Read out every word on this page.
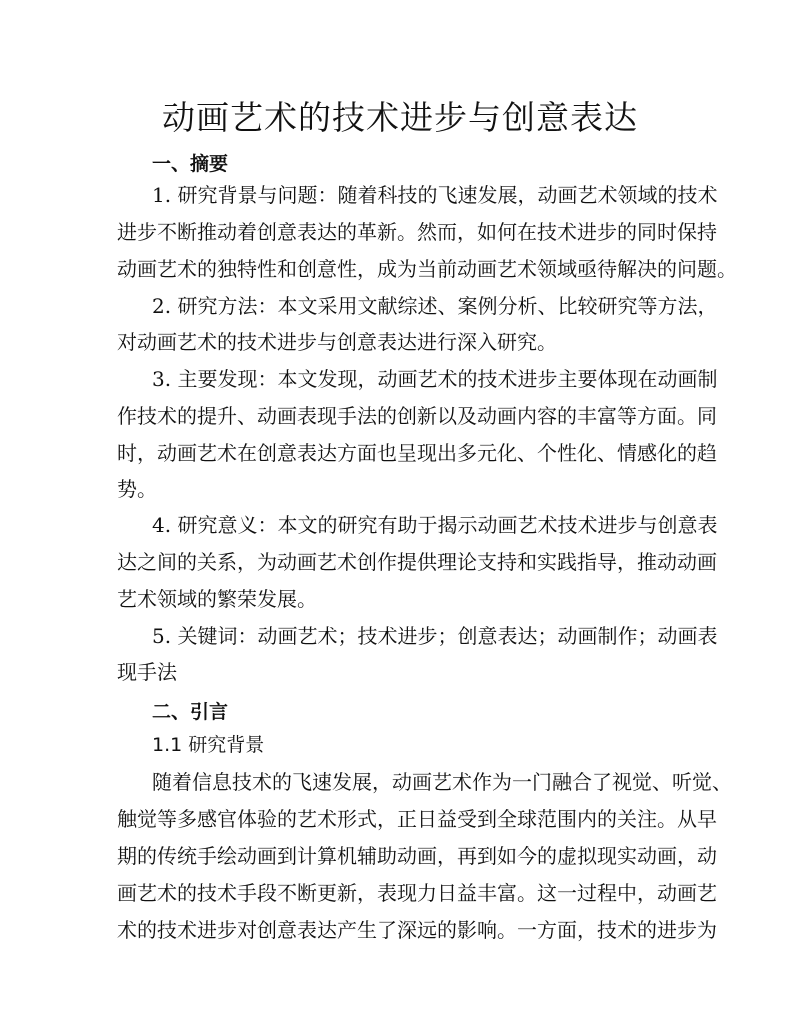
动画艺术的技术进步与创意表达
一、摘要
1. 研究背景与问题：随着科技的飞速发展，动画艺术领域的技术
进步不断推动着创意表达的革新。然而，如何在技术进步的同时保持
动画艺术的独特性和创意性，成为当前动画艺术领域亟待解决的问题。
2. 研究方法：本文采用文献综述、案例分析、比较研究等方法，
对动画艺术的技术进步与创意表达进行深入研究。
3. 主要发现：本文发现，动画艺术的技术进步主要体现在动画制
作技术的提升、动画表现手法的创新以及动画内容的丰富等方面。同
时，动画艺术在创意表达方面也呈现出多元化、个性化、情感化的趋
势。
4. 研究意义：本文的研究有助于揭示动画艺术技术进步与创意表
达之间的关系，为动画艺术创作提供理论支持和实践指导，推动动画
艺术领域的繁荣发展。
5. 关键词：动画艺术；技术进步；创意表达；动画制作；动画表
现手法
二、引言
1.1 研究背景
随着信息技术的飞速发展，动画艺术作为一门融合了视觉、听觉、
触觉等多感官体验的艺术形式，正日益受到全球范围内的关注。从早
期的传统手绘动画到计算机辅助动画，再到如今的虚拟现实动画，动
画艺术的技术手段不断更新，表现力日益丰富。这一过程中，动画艺
术的技术进步对创意表达产生了深远的影响。一方面，技术的进步为
